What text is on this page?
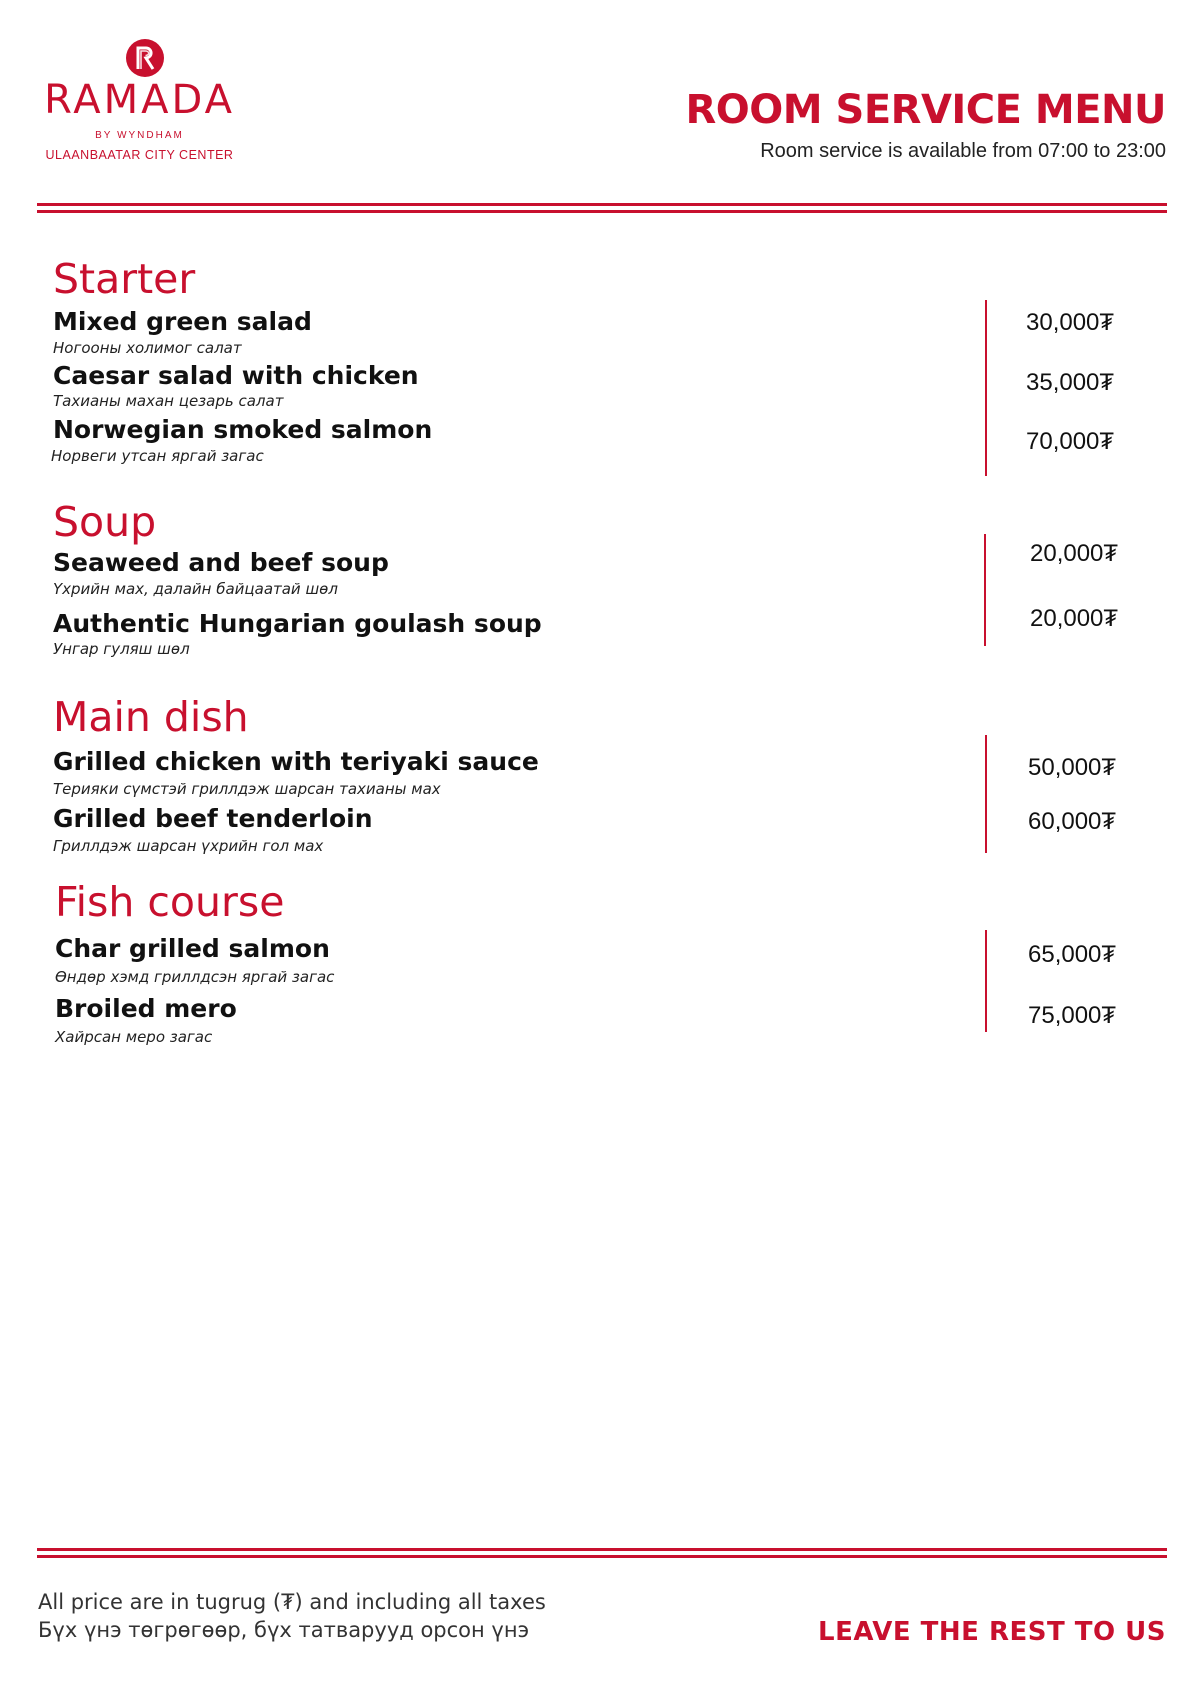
RAMADA
BY WYNDHAM
ULAANBAATAR CITY CENTER
ROOM SERVICE MENU
Room service is available from 07:00 to 23:00
Starter
Mixed green salad
Ногооны холимог салат
30,000₮
Caesar salad with chicken
Тахианы махан цезарь салат
35,000₮
Norwegian smoked salmon
Норвеги утсан яргай загас
70,000₮
Soup
Seaweed and beef soup
Үхрийн мах, далайн байцаатай шөл
20,000₮
Authentic Hungarian goulash soup
Унгар гуляш шөл
20,000₮
Main dish
Grilled chicken with teriyaki sauce
Терияки сүмстэй гриллдэж шарсан тахианы мах
50,000₮
Grilled beef tenderloin
Гриллдэж шарсан үхрийн гол мах
60,000₮
Fish course
Char grilled salmon
Өндөр хэмд гриллдсэн яргай загас
65,000₮
Broiled mero
Хайрсан меро загас
75,000₮
All price are in tugrug (₮) and including all taxes
Бүх үнэ төгрөгөөр, бүх татварууд орсон үнэ	LEAVE THE REST TO US
